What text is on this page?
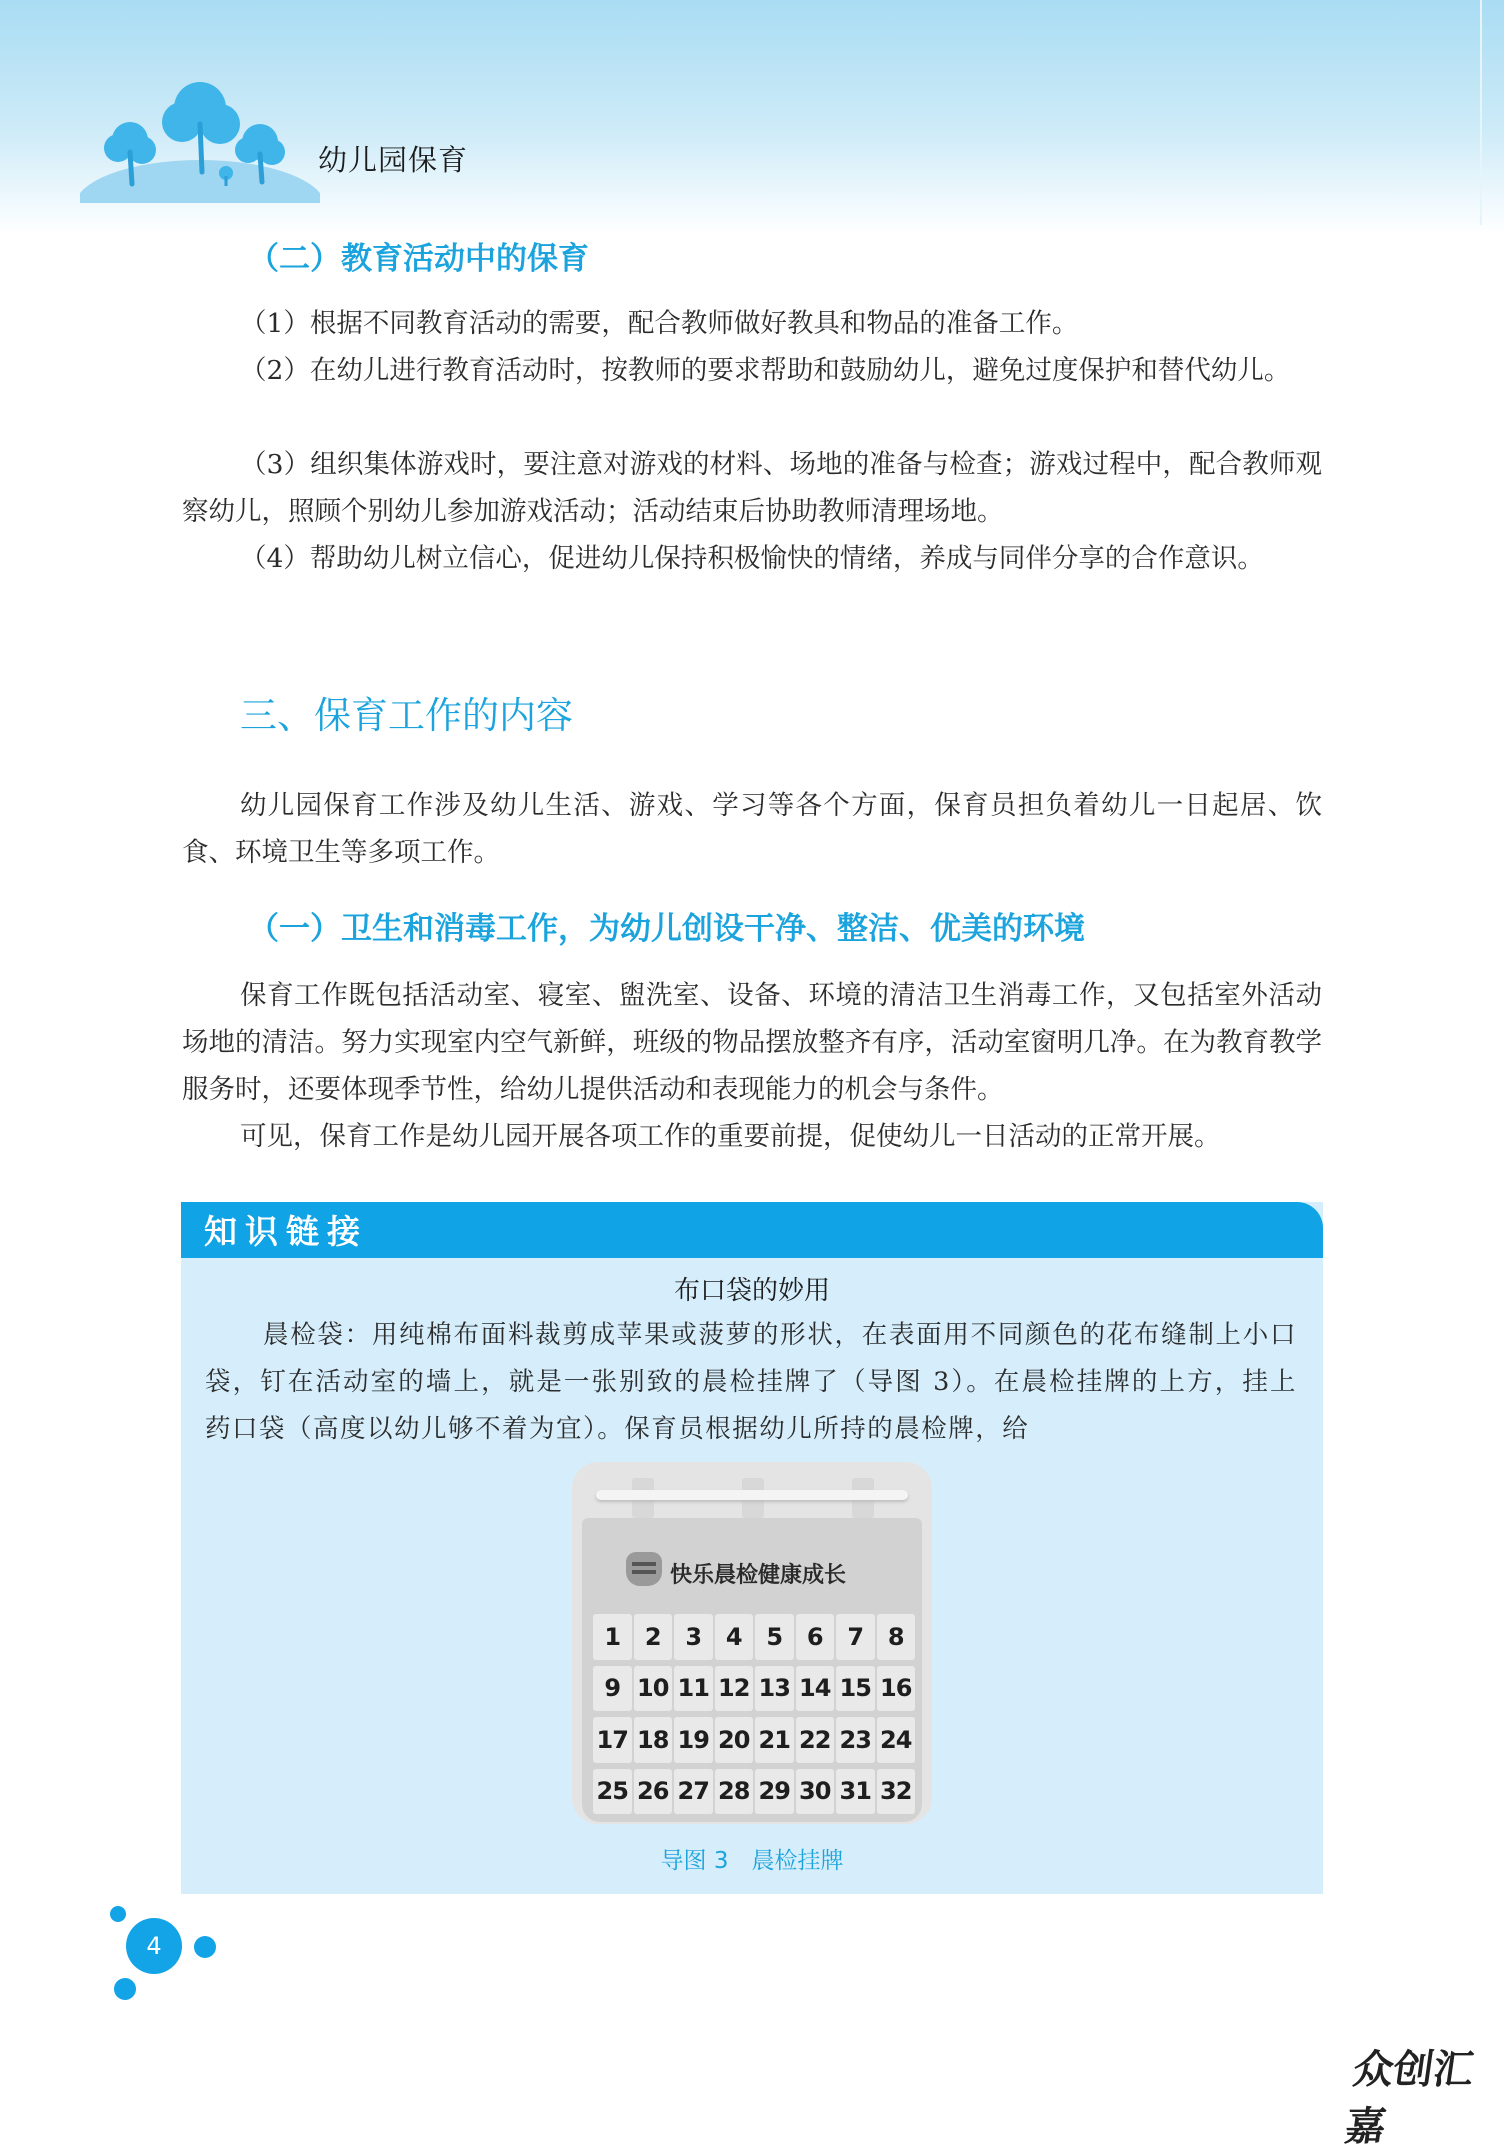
幼儿园保育
（二）教育活动中的保育

（1）根据不同教育活动的需要，配合教师做好教具和物品的准备工作。

（2）在幼儿进行教育活动时，按教师的要求帮助和鼓励幼儿，避免过度保护和替代幼儿。

（3）组织集体游戏时，要注意对游戏的材料、场地的准备与检查；游戏过程中，配合教师观察幼儿，照顾个别幼儿参加游戏活动；活动结束后协助教师清理场地。

（4）帮助幼儿树立信心，促进幼儿保持积极愉快的情绪，养成与同伴分享的合作意识。

三、保育工作的内容

幼儿园保育工作涉及幼儿生活、游戏、学习等各个方面，保育员担负着幼儿一日起居、饮食、环境卫生等多项工作。

（一）卫生和消毒工作，为幼儿创设干净、整洁、优美的环境

保育工作既包括活动室、寝室、盥洗室、设备、环境的清洁卫生消毒工作，又包括室外活动场地的清洁。努力实现室内空气新鲜，班级的物品摆放整齐有序，活动室窗明几净。在为教育教学服务时，还要体现季节性，给幼儿提供活动和表现能力的机会与条件。

可见，保育工作是幼儿园开展各项工作的重要前提，促使幼儿一日活动的正常开展。

知识链接
布口袋的妙用

晨检袋：用纯棉布面料裁剪成苹果或菠萝的形状，在表面用不同颜色的花布缝制上小口袋，钉在活动室的墙上，就是一张别致的晨检挂牌了（导图 3）。在晨检挂牌的上方，挂上药口袋（高度以幼儿够不着为宜）。保育员根据幼儿所持的晨检牌，给

快乐晨检健康成长
1	2	3	4	5	6	7	8
9 10 11 12 13 14 15 16
17 18 19 20 21 22 23 24
25 26 27 28 29 30 31 32
导图 3　晨检挂牌
4
众创汇嘉
